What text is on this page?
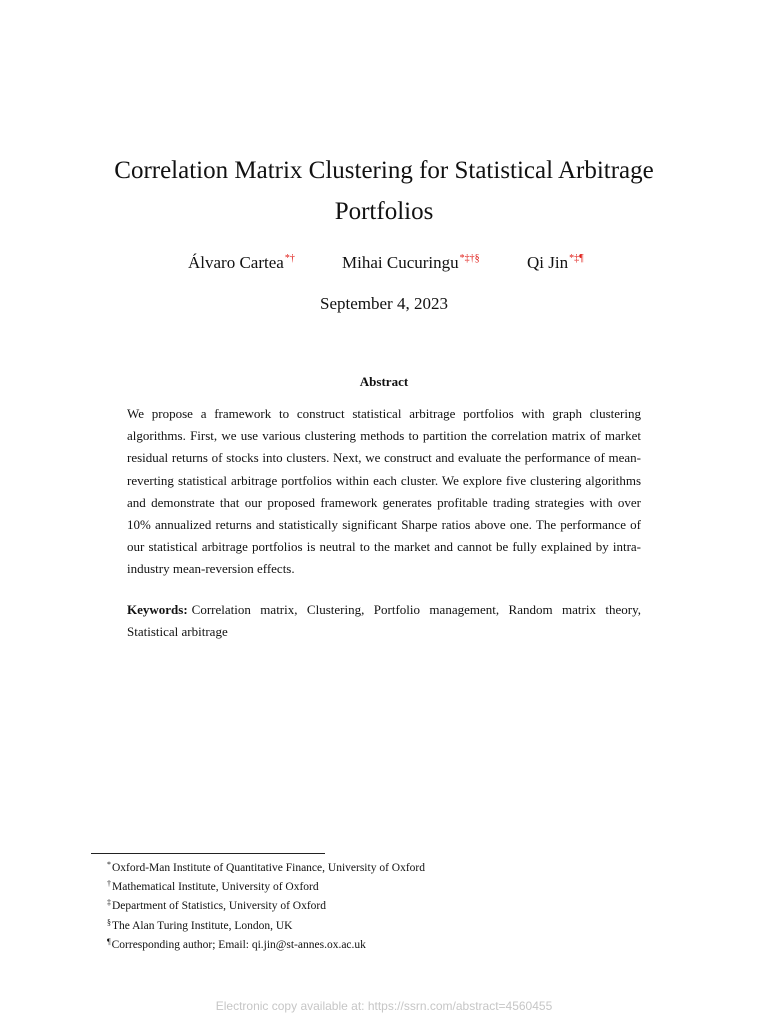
Correlation Matrix Clustering for Statistical Arbitrage
Portfolios
Álvaro Cartea*†	Mihai Cucuringu*‡†§	Qi Jin*‡¶
September 4, 2023
Abstract

We propose a framework to construct statistical arbitrage portfolios with graph clustering algorithms. First, we use various clustering methods to partition the correlation matrix of market residual returns of stocks into clusters. Next, we construct and evaluate the performance of mean-reverting statistical arbitrage portfolios within each cluster. We explore five clustering algorithms and demonstrate that our proposed framework generates profitable trading strategies with over 10% annualized returns and statistically significant Sharpe ratios above one. The performance of our statistical arbitrage portfolios is neutral to the market and cannot be fully explained by intra-industry mean-reversion effects.

Keywords: Correlation matrix, Clustering, Portfolio management, Random matrix theory, Statistical arbitrage

*Oxford-Man Institute of Quantitative Finance, University of Oxford
†Mathematical Institute, University of Oxford
‡Department of Statistics, University of Oxford
§The Alan Turing Institute, London, UK
¶Corresponding author; Email: qi.jin@st-annes.ox.ac.uk
Electronic copy available at: https://ssrn.com/abstract=4560455
